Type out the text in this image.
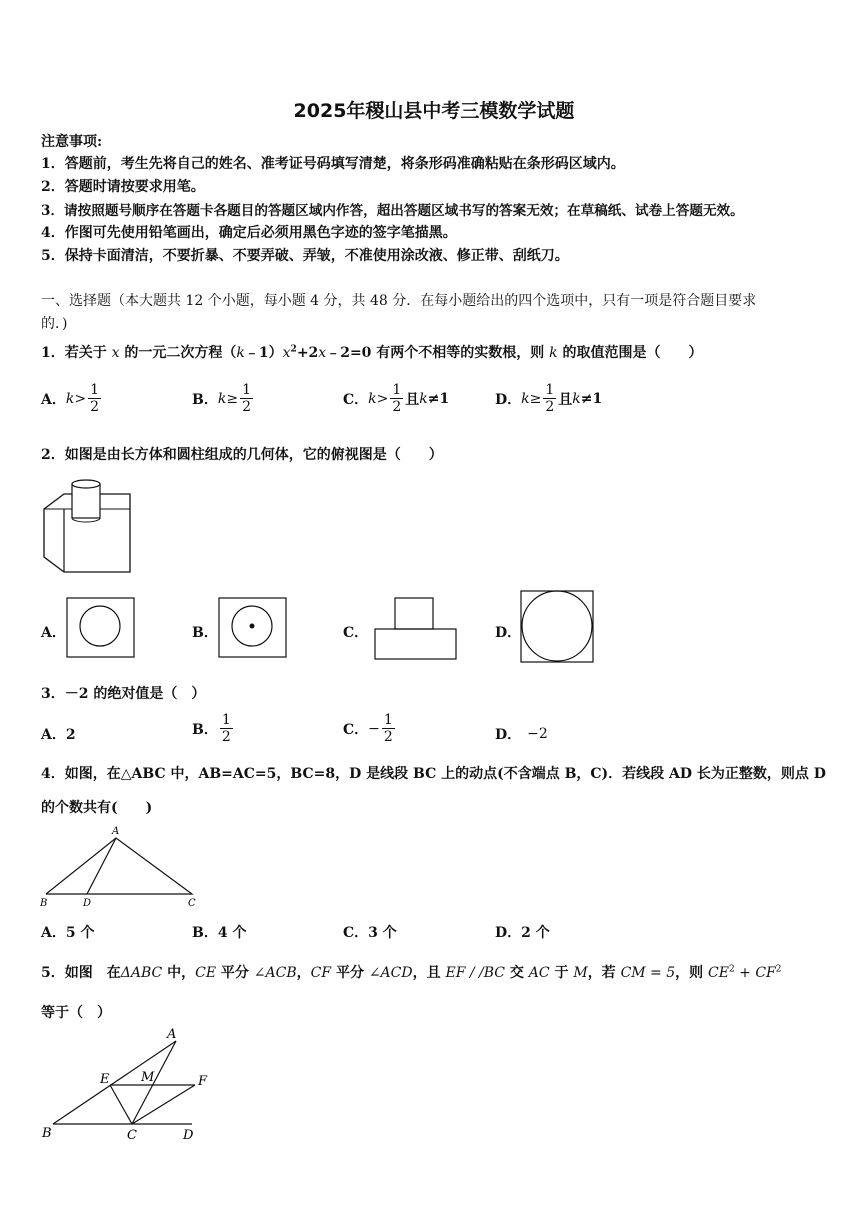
2025年稷山县中考三模数学试题
注意事项:
1．答题前，考生先将自己的姓名、准考证号码填写清楚，将条形码准确粘贴在条形码区域内。
2．答题时请按要求用笔。
3．请按照题号顺序在答题卡各题目的答题区域内作答，超出答题区域书写的答案无效；在草稿纸、试卷上答题无效。
4．作图可先使用铅笔画出，确定后必须用黑色字迹的签字笔描黑。
5．保持卡面清洁，不要折暴、不要弄破、弄皱，不准使用涂改液、修正带、刮纸刀。
一、选择题（本大题共 12 个小题，每小题 4 分，共 48 分．在每小题给出的四个选项中，只有一项是符合题目要求
的．)
1．若关于 x 的一元二次方程$(k﹣1)x^2+2x﹣2=0$ 有两个不相等的实数根，则 k 的取值范围是（　　）
A． $k > \frac{1}{2}$	B． $k \ge \frac{1}{2}$	C． $k > \frac{1}{2}$ 且 k ≠1	D． $k \ge \frac{1}{2}$ 且 k ≠1
2．如图是由长方体和圆柱组成的几何体，它的俯视图是（　　）
A．	B．	C．	D．
3．－2 的绝对值是（　）
A．2	B． $\frac{1}{2}$	C． − $\frac{1}{2}$	D． −2
4．如图，在△ABC 中，AB=AC=5，BC=8，D 是线段 BC 上的动点(不含端点 B，C)．若线段 AD 长为正整数，则点 D
的个数共有(　　)
A
B	D	C
A．5 个	B．4 个	C．3 个	D．2 个
5．如图　在ΔABC 中，CE 平分 ∠ACB，CF 平分 ∠ACD，且 EF / /BC 交 AC 于 M，若 CM = 5，则 $CE^2 + CF^2$
等于（　）
A
E M	F
B	C	D
